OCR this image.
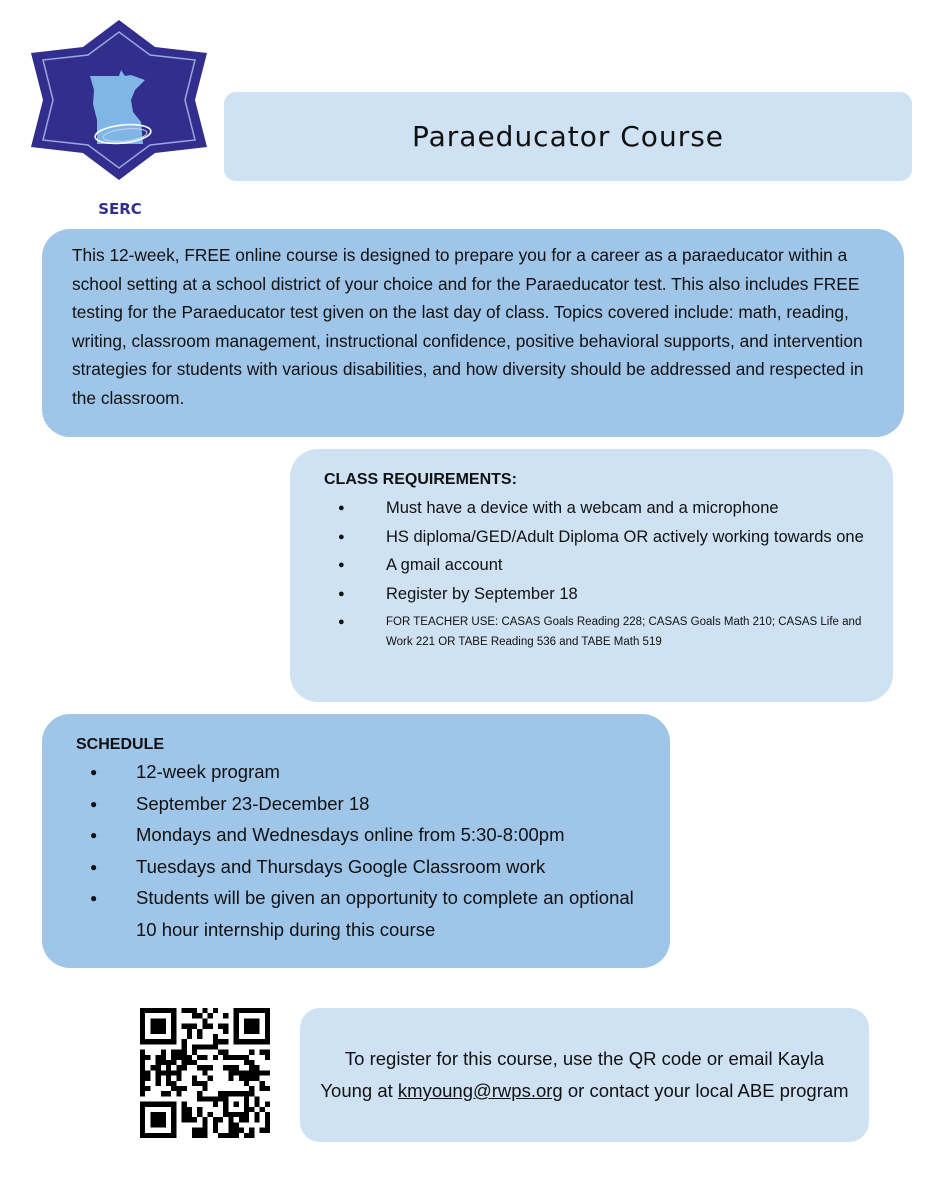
SERC
Paraeducator Course
This 12-week, FREE online course is designed to prepare you for a career as a paraeducator within a school setting at a school district of your choice and for the Paraeducator test. This also includes FREE testing for the Paraeducator test given on the last day of class. Topics covered include: math, reading, writing, classroom management, instructional confidence, positive behavioral supports, and intervention strategies for students with various disabilities, and how diversity should be addressed and respected in the classroom.
CLASS REQUIREMENTS:
● Must have a device with a webcam and a microphone
● HS diploma/GED/Adult Diploma OR actively working towards one
● A gmail account
● Register by September 18
● FOR TEACHER USE: CASAS Goals Reading 228; CASAS Goals Math 210; CASAS Life and Work 221 OR TABE Reading 536 and TABE Math 519
SCHEDULE
● 12-week program
● September 23-December 18
● Mondays and Wednesdays online from 5:30-8:00pm
● Tuesdays and Thursdays Google Classroom work
● Students will be given an opportunity to complete an optional 10 hour internship during this course
To register for this course, use the QR code or email Kayla Young at kmyoung@rwps.org or contact your local ABE program
